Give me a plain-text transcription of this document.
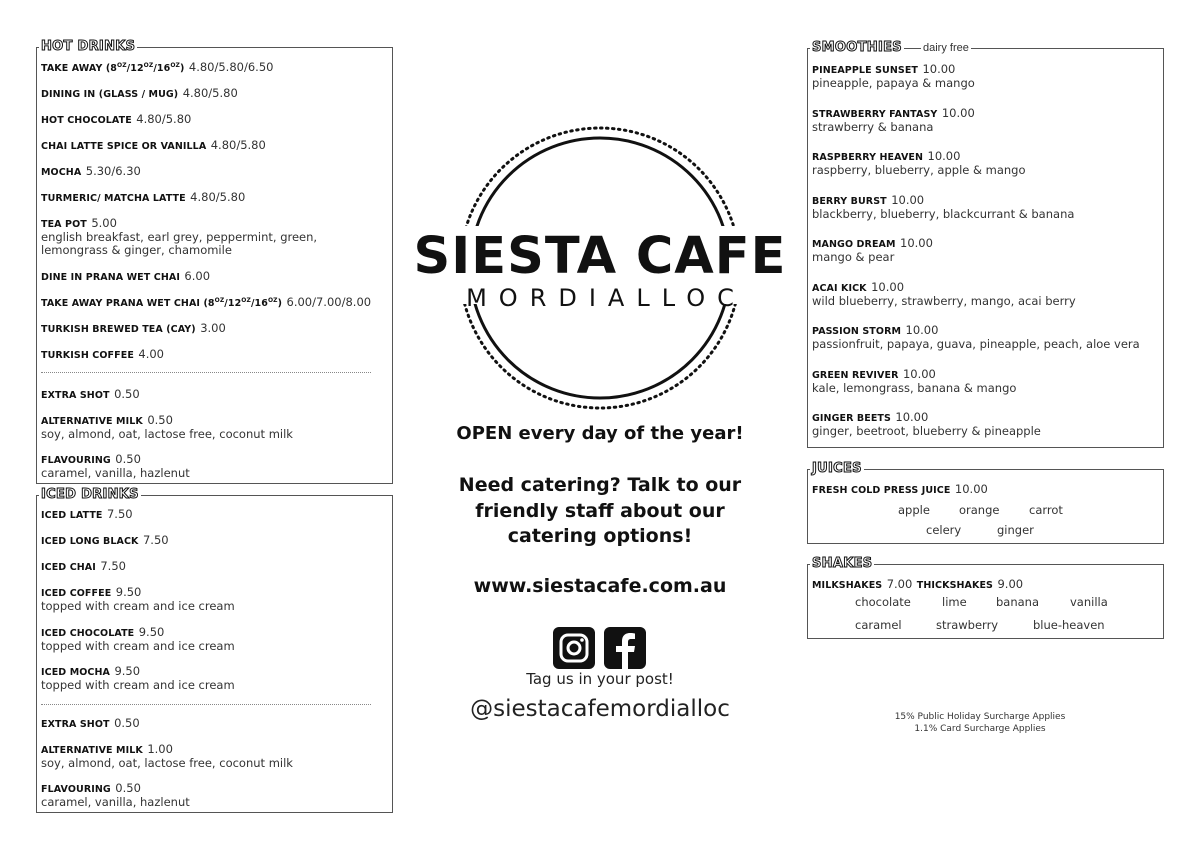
HOT DRINKS
TAKE AWAY $(8^{OZ}/12^{OZ}/16^{OZ})$ 4.80/5.80/6.50
DINING IN (GLASS / MUG) 4.80/5.80
HOT CHOCOLATE 4.80/5.80
CHAI LATTE SPICE OR VANILLA 4.80/5.80
MOCHA 5.30/6.30
TURMERIC/ MATCHA LATTE 4.80/5.80
TEA POT 5.00
english breakfast, earl grey, peppermint, green,
lemongrass & ginger, chamomile
DINE IN PRANA WET CHAI 6.00
TAKE AWAY PRANA WET CHAI $(8^{OZ}/12^{OZ}/16^{OZ})$ 6.00/7.00/8.00
TURKISH BREWED TEA (CAY) 3.00
TURKISH COFFEE 4.00
EXTRA SHOT 0.50
ALTERNATIVE MILK 0.50
soy, almond, oat, lactose free, coconut milk
FLAVOURING 0.50
caramel, vanilla, hazlenut
ICED DRINKS
ICED LATTE 7.50
ICED LONG BLACK 7.50
ICED CHAI 7.50
ICED COFFEE 9.50
topped with cream and ice cream
ICED CHOCOLATE 9.50
topped with cream and ice cream
ICED MOCHA 9.50
topped with cream and ice cream
EXTRA SHOT 0.50
ALTERNATIVE MILK 1.00
soy, almond, oat, lactose free, coconut milk
FLAVOURING 0.50
caramel, vanilla, hazlenut
SIESTA CAFE
MORDIALLOC
OPEN every day of the year!
Need catering? Talk to our
friendly staff about our
catering options!
www.siestacafe.com.au
Tag us in your post!
@siestacafemordialloc
SMOOTHIES dairy free
PINEAPPLE SUNSET 10.00
pineapple, papaya & mango
STRAWBERRY FANTASY 10.00
strawberry & banana
RASPBERRY HEAVEN 10.00
raspberry, blueberry, apple & mango
BERRY BURST 10.00
blackberry, blueberry, blackcurrant & banana
MANGO DREAM 10.00
mango & pear
ACAI KICK 10.00
wild blueberry, strawberry, mango, acai berry
PASSION STORM 10.00
passionfruit, papaya, guava, pineapple, peach, aloe vera
GREEN REVIVER 10.00
kale, lemongrass, banana & mango
GINGER BEETS 10.00
ginger, beetroot, blueberry & pineapple
JUICES
FRESH COLD PRESS JUICE 10.00
apple	orange	carrot
celery	ginger
SHAKES
MILKSHAKES 7.00 THICKSHAKES 9.00
chocolate	lime	banana	vanilla
caramel	strawberry	blue-heaven
15% Public Holiday Surcharge Applies
1.1% Card Surcharge Applies
